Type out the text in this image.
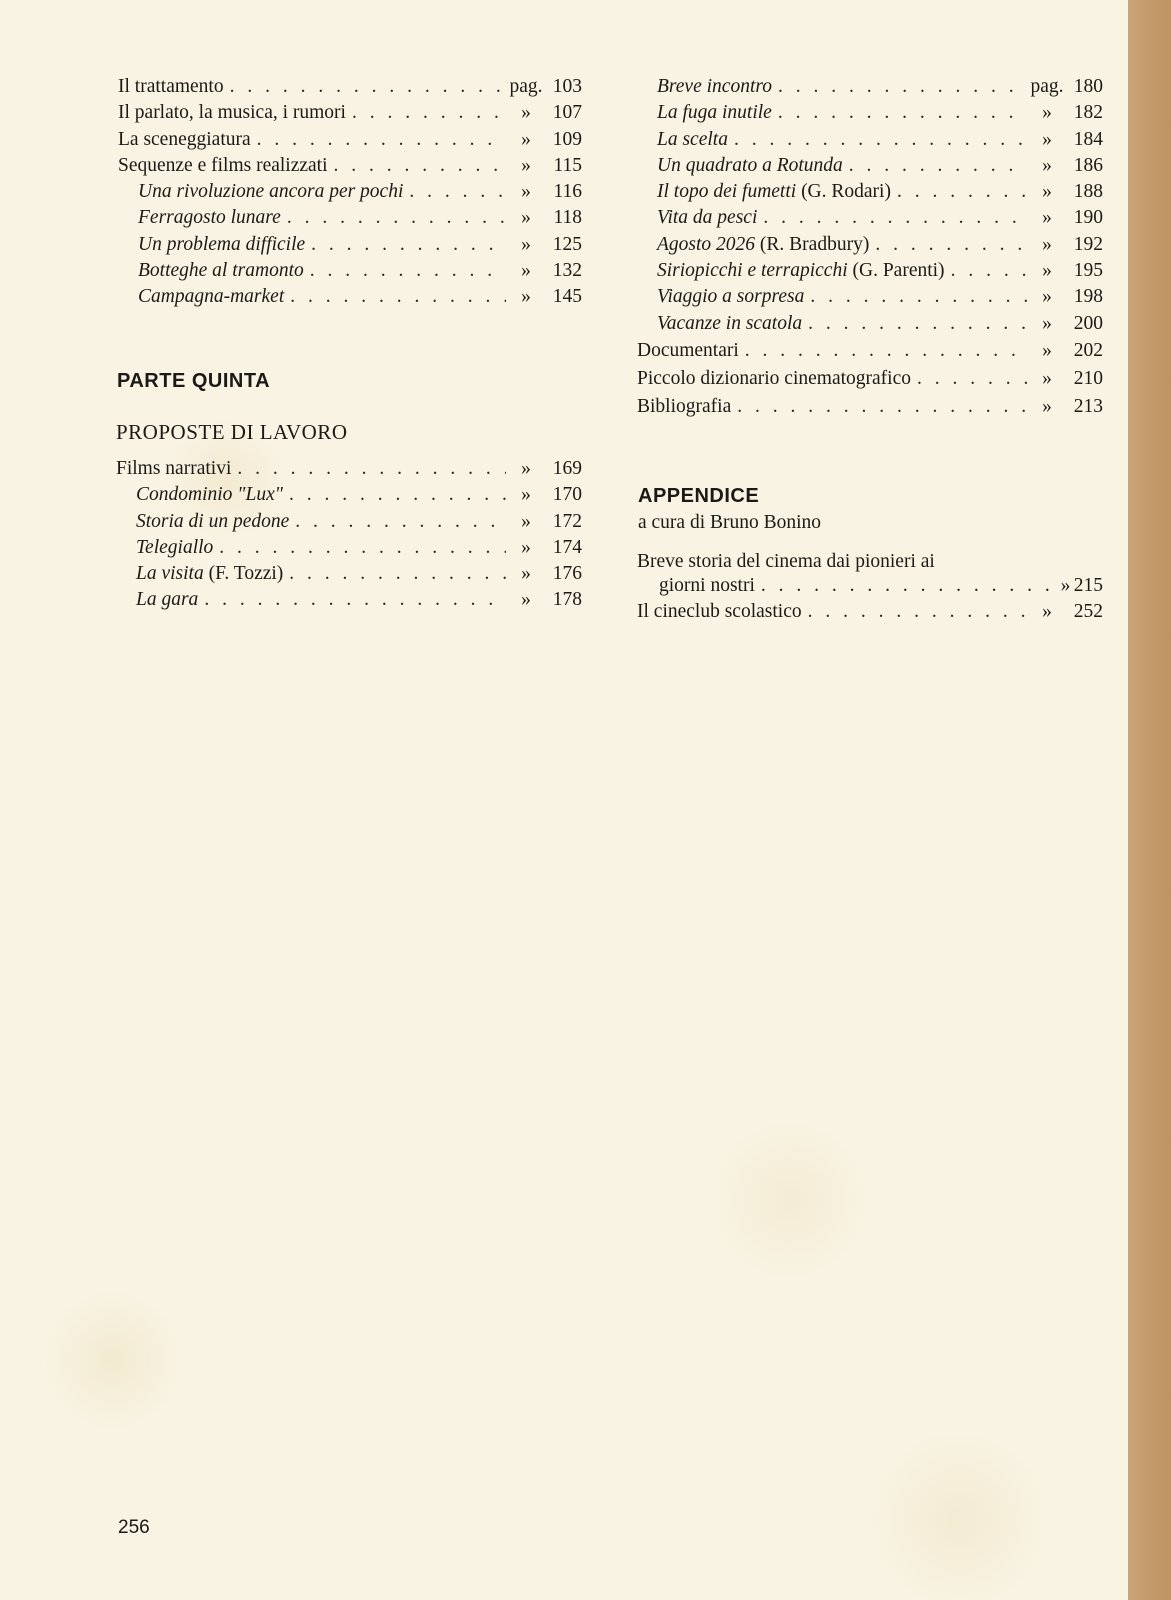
Il trattamento . . .	pag. 103
Il parlato, la musica, i rumori . . .	»	107
La sceneggiatura . . .	»	109
Sequenze e films realizzati . . .	»	115
Una rivoluzione ancora per pochi . . .	»	116
Ferragosto lunare . . .	»	118
Un problema difficile . . .	»	125
Botteghe al tramonto . . .	»	132
Campagna-market . . .	»	145
PARTE QUINTA
PROPOSTE DI LAVORO
Films narrativi . . .	»	169
Condominio "Lux" . . .	»	170
Storia di un pedone . . .	»	172
Telegiallo . . .	»	174
La visita (F. Tozzi) . . .	»	176
La gara . . .	»	178
Breve incontro . . .	pag. 180
La fuga inutile . . .	»	182
La scelta . . .	»	184
Un quadrato a Rotunda . . .	»	186
Il topo dei fumetti (G. Rodari) . . .	»	188
Vita da pesci . . .	»	190
Agosto 2026 (R. Bradbury) . . .	»	192
Siriopicchi e terrapicchi (G. Parenti) . . .	»	195
Viaggio a sorpresa . . .	»	198
Vacanze in scatola . . .	»	200
Documentari . . .	»	202
Piccolo dizionario cinematografico . . .	»	210
Bibliografia . . .	»	213
APPENDICE
a cura di Bruno Bonino
Breve storia del cinema dai pionieri ai
giorni nostri . . .	» 215
Il cineclub scolastico . . .	»	252
256
